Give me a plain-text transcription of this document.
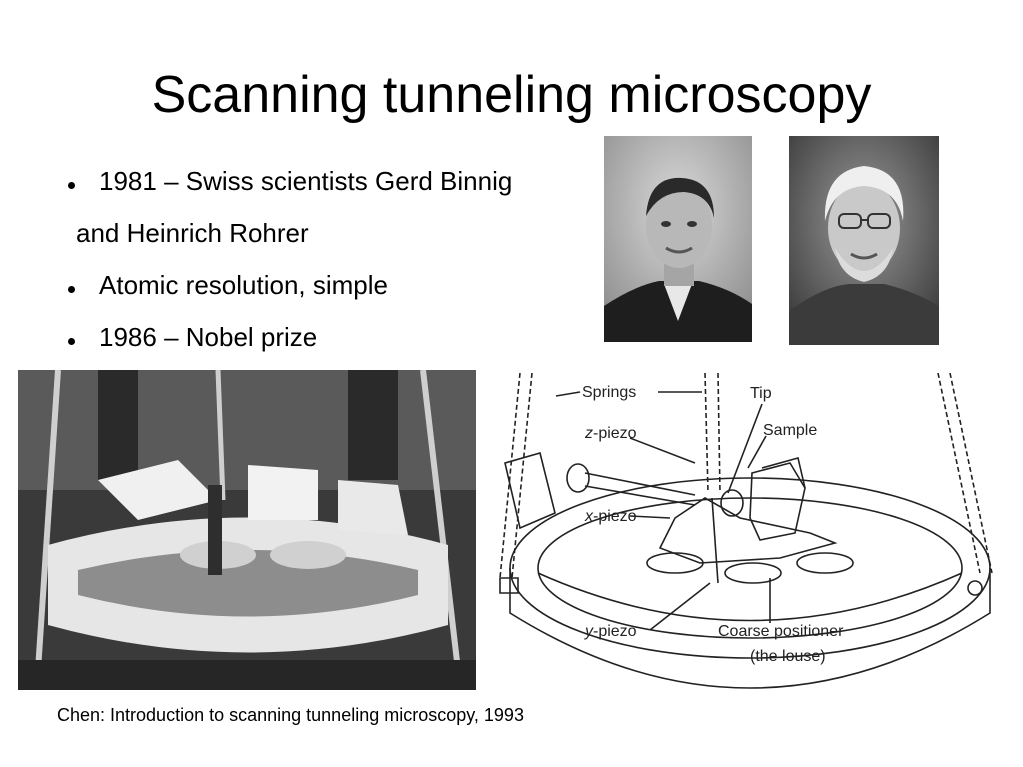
Scanning tunneling microscopy
1981 – Swiss scientists Gerd Binnig
and Heinrich Rohrer
Atomic resolution, simple
1986 – Nobel prize
Springs	Tip
Sample
z-piezo
x-piezo
y-piezo	Coarse positioner
(the louse)
Chen: Introduction to scanning tunneling microscopy, 1993
